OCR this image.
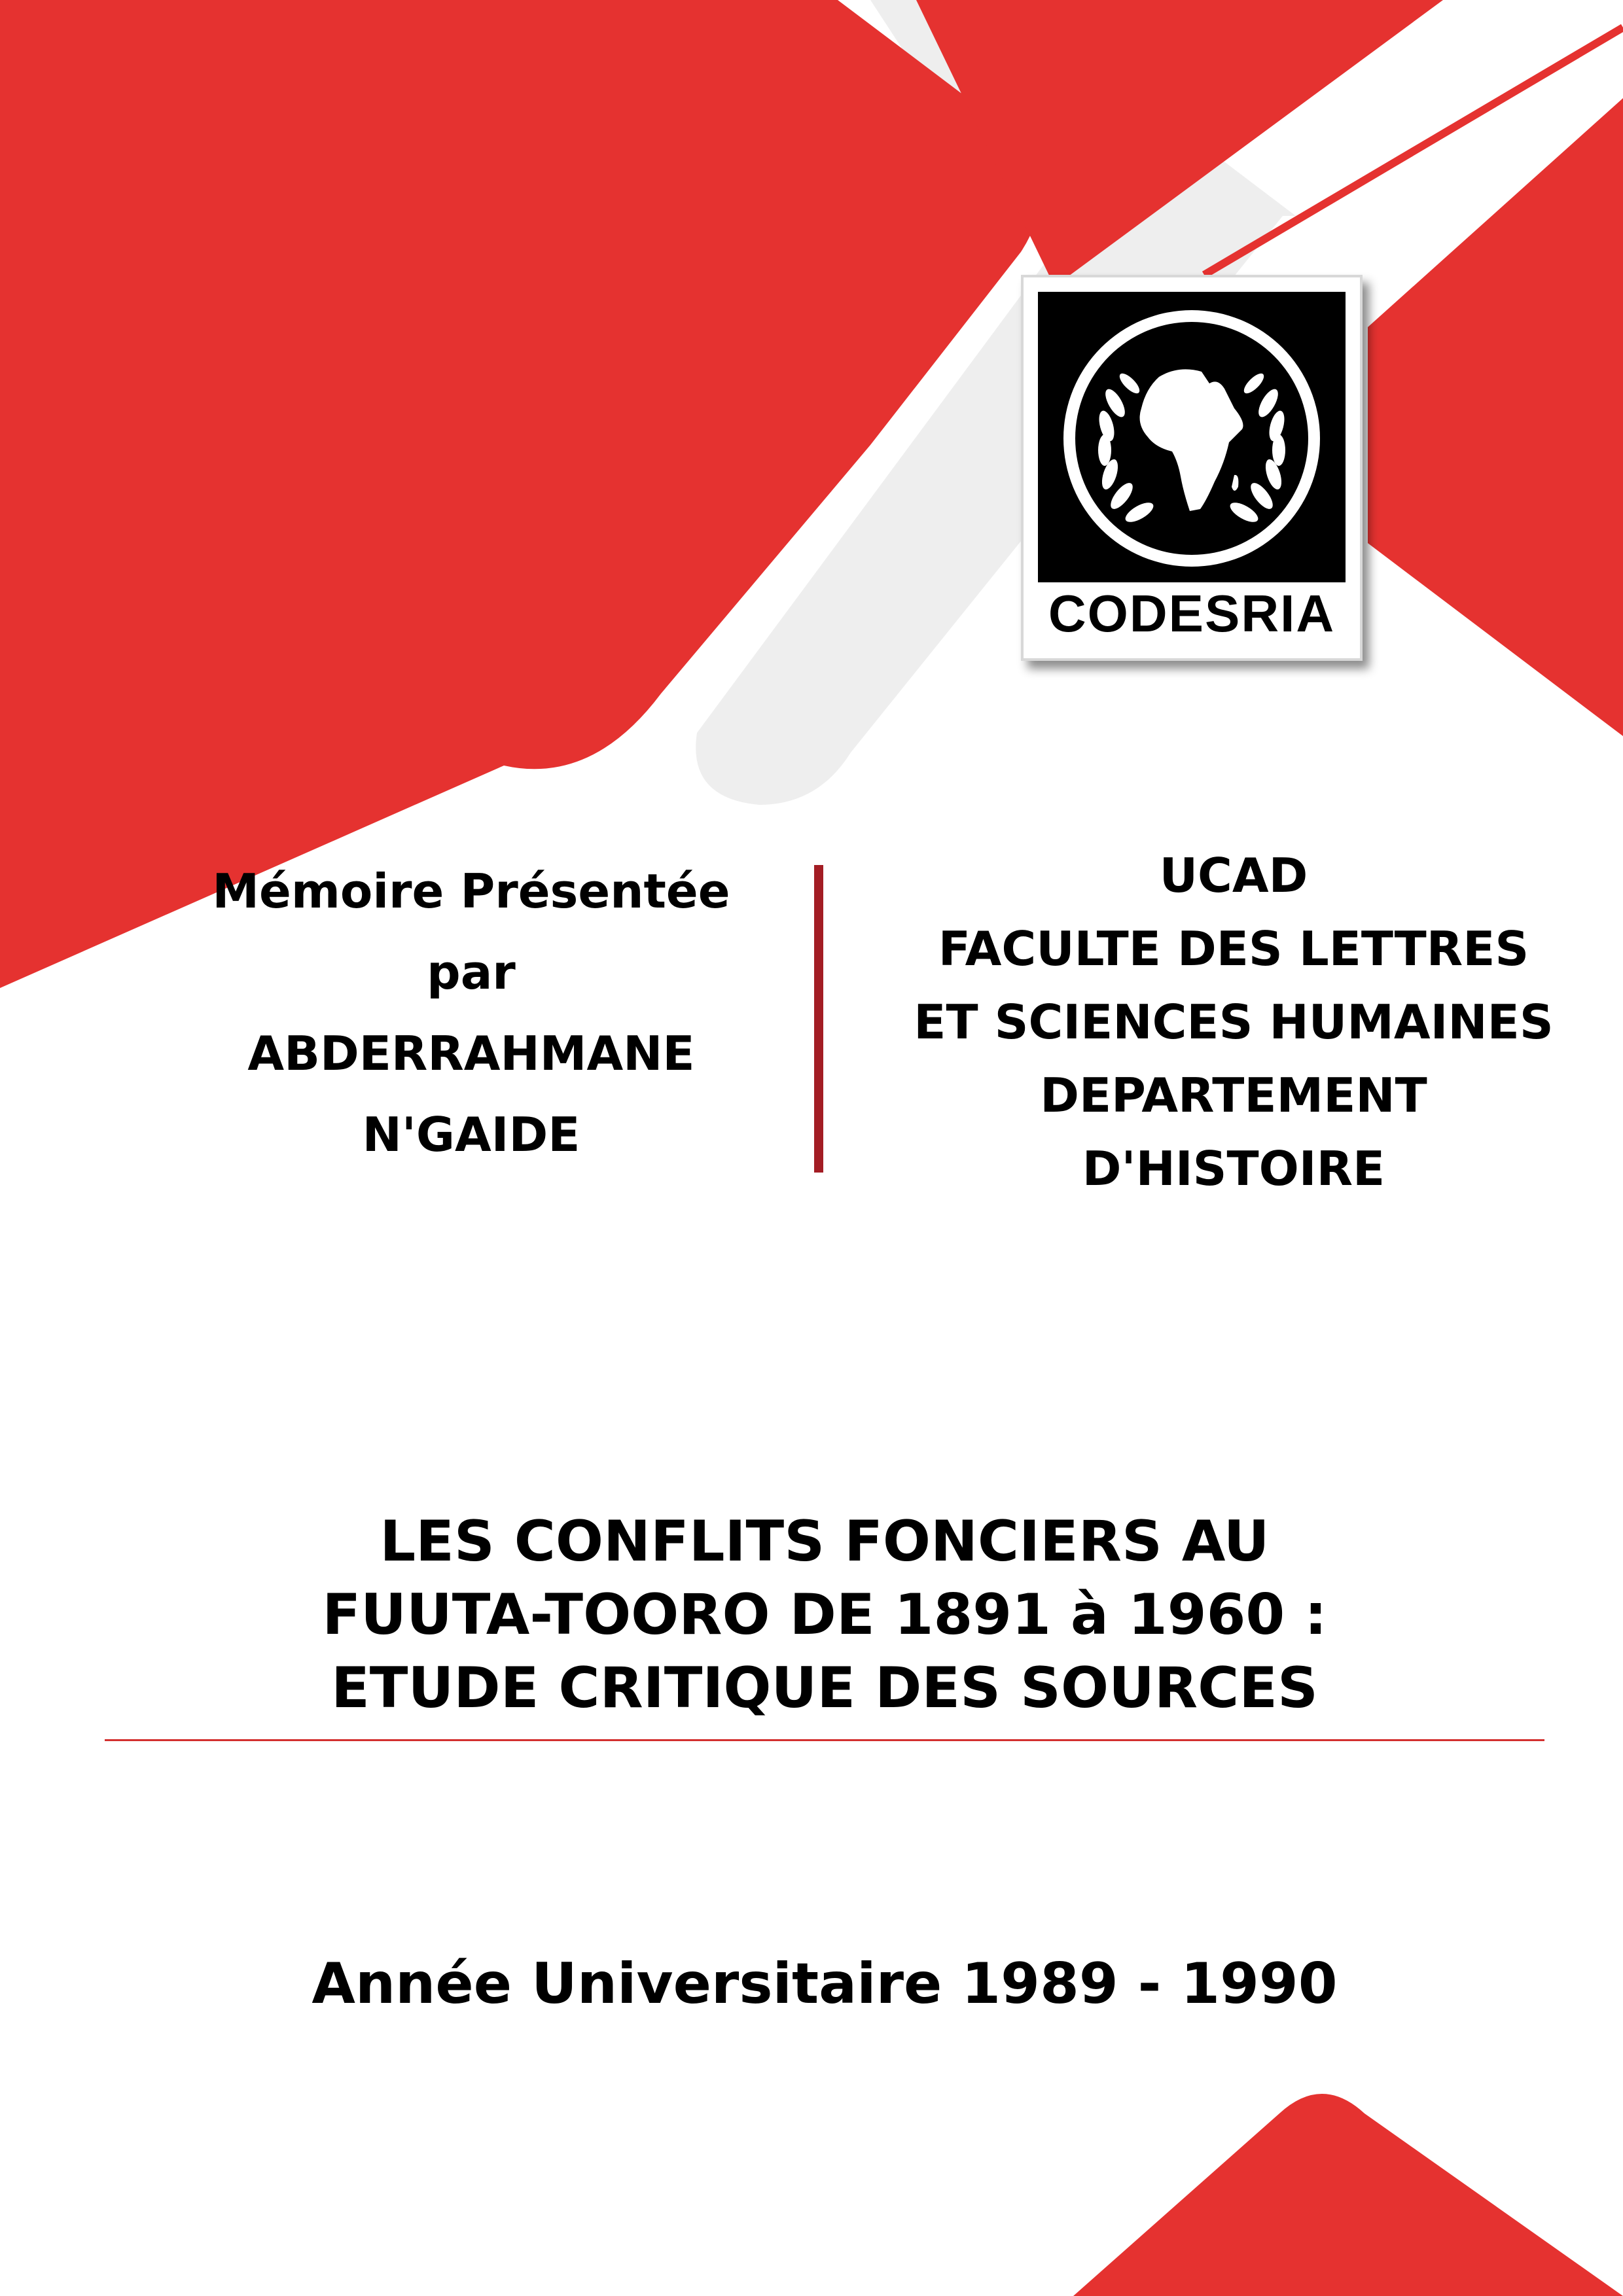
CODESRIA
Mémoire Présentée
par
ABDERRAHMANE
N'GAIDE
UCAD
FACULTE DES LETTRES
ET SCIENCES HUMAINES
DEPARTEMENT
D'HISTOIRE
LES CONFLITS FONCIERS AU
FUUTA-TOORO DE 1891 à 1960 :
ETUDE CRITIQUE DES SOURCES
Année Universitaire 1989 - 1990
